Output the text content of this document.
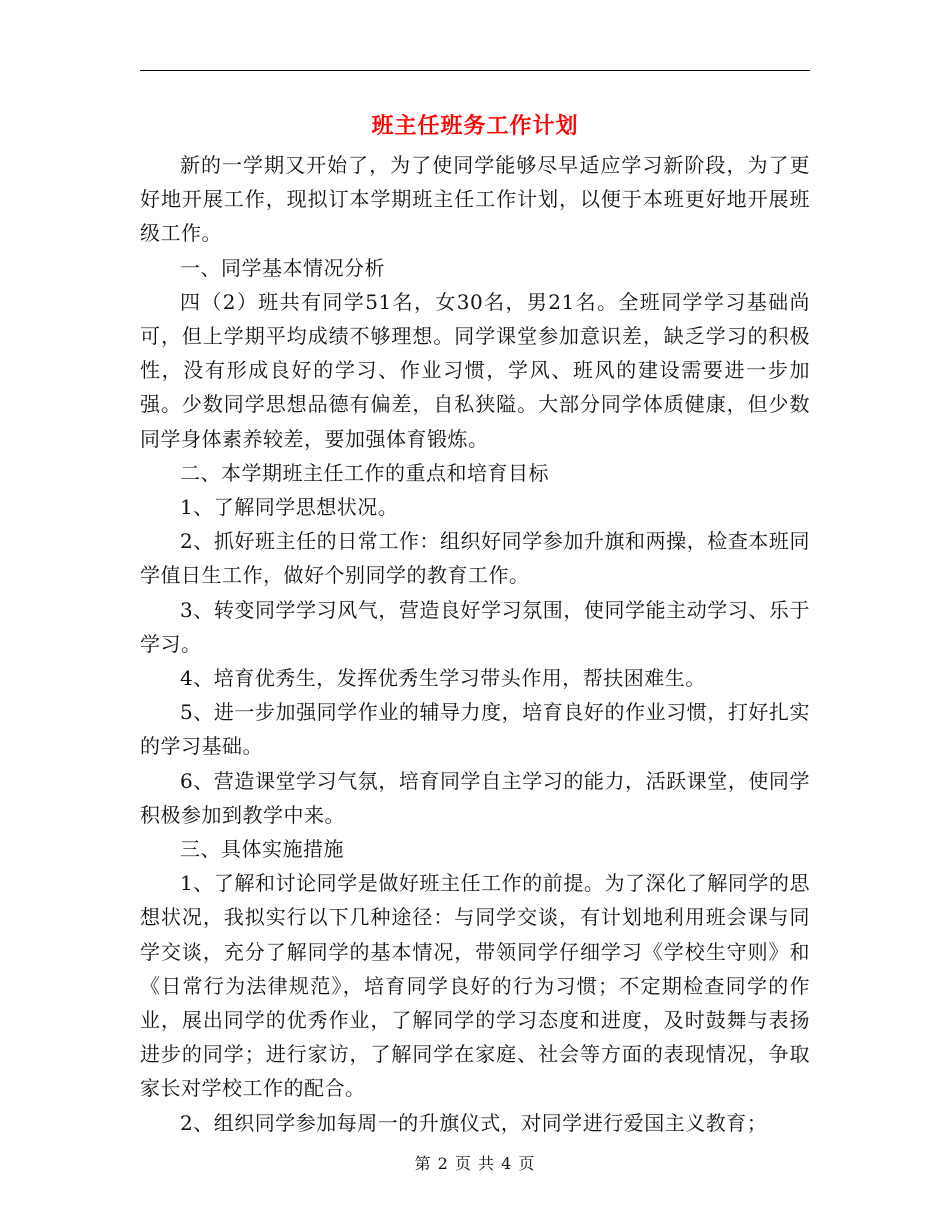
班主任班务工作计划

新的一学期又开始了，为了使同学能够尽早适应学习新阶段，为了更好地开展工作，现拟订本学期班主任工作计划，以便于本班更好地开展班级工作。

一、同学基本情况分析

四（2）班共有同学51名，女30名，男21名。全班同学学习基础尚可，但上学期平均成绩不够理想。同学课堂参加意识差，缺乏学习的积极性，没有形成良好的学习、作业习惯，学风、班风的建设需要进一步加强。少数同学思想品德有偏差，自私狭隘。大部分同学体质健康，但少数同学身体素养较差，要加强体育锻炼。

二、本学期班主任工作的重点和培育目标

1、了解同学思想状况。

2、抓好班主任的日常工作：组织好同学参加升旗和两操，检查本班同学值日生工作，做好个别同学的教育工作。

3、转变同学学习风气，营造良好学习氛围，使同学能主动学习、乐于学习。

4、培育优秀生，发挥优秀生学习带头作用，帮扶困难生。

5、进一步加强同学作业的辅导力度，培育良好的作业习惯，打好扎实的学习基础。

6、营造课堂学习气氛，培育同学自主学习的能力，活跃课堂，使同学积极参加到教学中来。

三、具体实施措施

1、了解和讨论同学是做好班主任工作的前提。为了深化了解同学的思想状况，我拟实行以下几种途径：与同学交谈，有计划地利用班会课与同学交谈，充分了解同学的基本情况，带领同学仔细学习《学校生守则》和《日常行为法律规范》，培育同学良好的行为习惯；不定期检查同学的作业，展出同学的优秀作业，了解同学的学习态度和进度，及时鼓舞与表扬进步的同学；进行家访，了解同学在家庭、社会等方面的表现情况，争取家长对学校工作的配合。

2、组织同学参加每周一的升旗仪式，对同学进行爱国主义教育；

第 2 页 共 4 页
